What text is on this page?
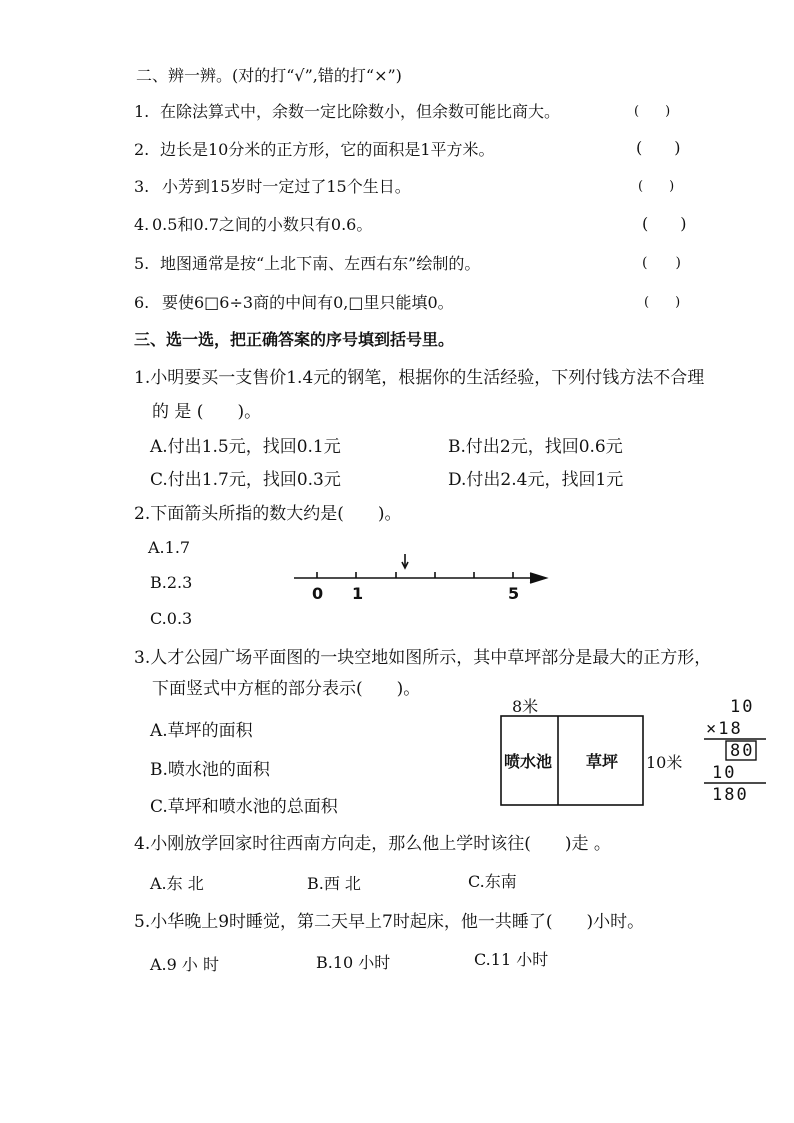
二、辨一辨。(对的打“√”,错的打“×”)
1. 在除法算式中，余数一定比除数小，但余数可能比商大。	(　　)
2. 边长是10分米的正方形，它的面积是1平方米。	(　　)
3. 小芳到15岁时一定过了15个生日。	(　　)
4. 0.5和0.7之间的小数只有0.6。	(　　)
5. 地图通常是按“上北下南、左西右东”绘制的。	(　　)
6. 要使6□6÷3商的中间有0,□里只能填0。	(　　)
三、选一选，把正确答案的序号填到括号里。
1.小明要买一支售价1.4元的钢笔，根据你的生活经验，下列付钱方法不合理
的 是 (　　)。
A.付出1.5元，找回0.1元	B.付出2元，找回0.6元
C.付出1.7元，找回0.3元	D.付出2.4元，找回1元
2.下面箭头所指的数大约是(　　)。
A.1.7
B.2.3
C.0.3
0 1	5
3.人才公园广场平面图的一块空地如图所示，其中草坪部分是最大的正方形，
下面竖式中方框的部分表示(　　)。
A.草坪的面积
B.喷水池的面积
C.草坪和喷水池的总面积
8米
喷水池 草坪 10米
10
×18
80
10
180
4.小刚放学回家时往西南方向走，那么他上学时该往(　　)走 。
A.东 北	B.西 北	C.东南
5.小华晚上9时睡觉，第二天早上7时起床，他一共睡了(　　)小时。
A.9 小 时	B.10 小时	C.11 小时
